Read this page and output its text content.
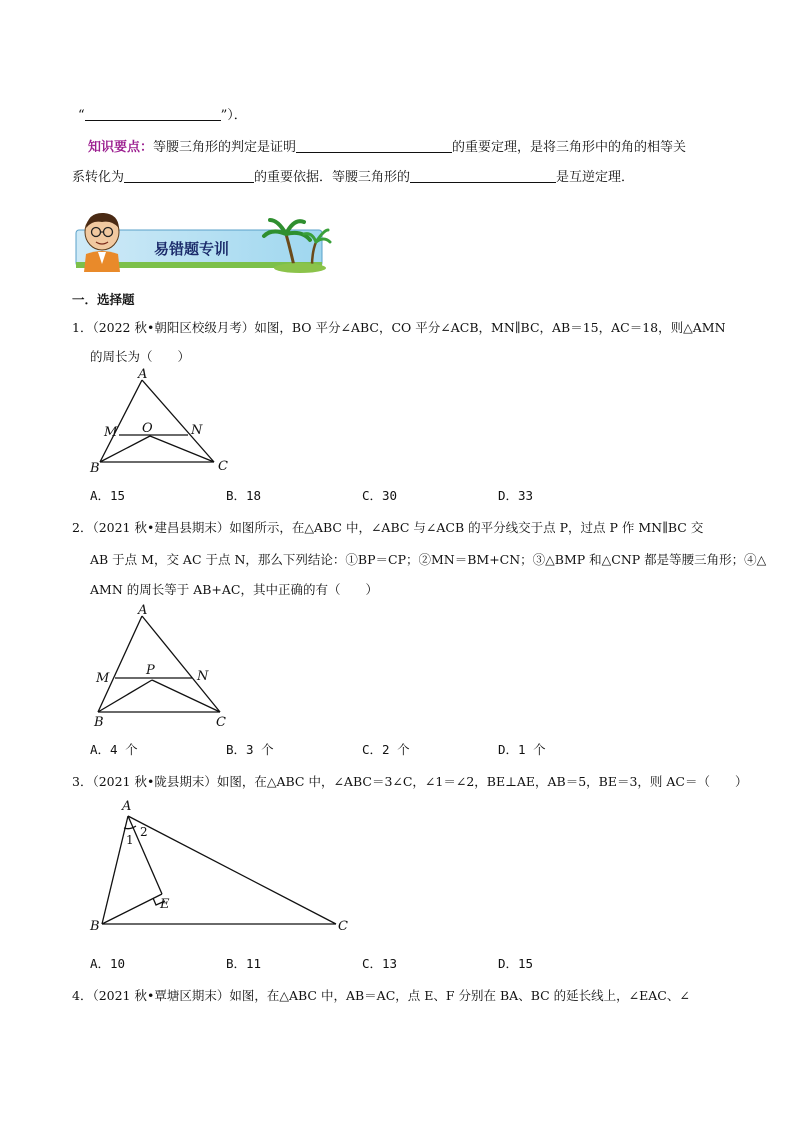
“	”）．
知识要点：等腰三角形的判定是证明	的重要定理，是将三角形中的角的相等关
系转化为	的重要依据．等腰三角形的	是互逆定理．
易错题专训
一．选择题
1．（2022 秋•朝阳区校级月考）如图，BO 平分∠ABC，CO 平分∠ACB，MN∥BC，AB＝15，AC＝18，则△AMN
的周长为（　　）
A
M O	N
B	C
A．15	B．18	C．30	D．33
2．（2021 秋•建昌县期末）如图所示，在△ABC 中，∠ABC 与∠ACB 的平分线交于点 P，过点 P 作 MN∥BC 交
AB 于点 M，交 AC 于点 N，那么下列结论：①BP＝CP；②MN＝BM+CN；③△BMP 和△CNP 都是等腰三角形；④△
AMN 的周长等于 AB+AC，其中正确的有（　　）
A
M
P	N
B	C
A．4 个	B．3 个	C．2 个	D．1 个
3．（2021 秋•陇县期末）如图，在△ABC 中，∠ABC＝3∠C，∠1＝∠2，BE⊥AE，AB＝5，BE＝3，则 AC＝（　　）
A
1
2
E
B	C
A．10	B．11	C．13	D．15
4．（2021 秋•覃塘区期末）如图，在△ABC 中，AB＝AC，点 E、F 分别在 BA、BC 的延长线上，∠EAC、∠
